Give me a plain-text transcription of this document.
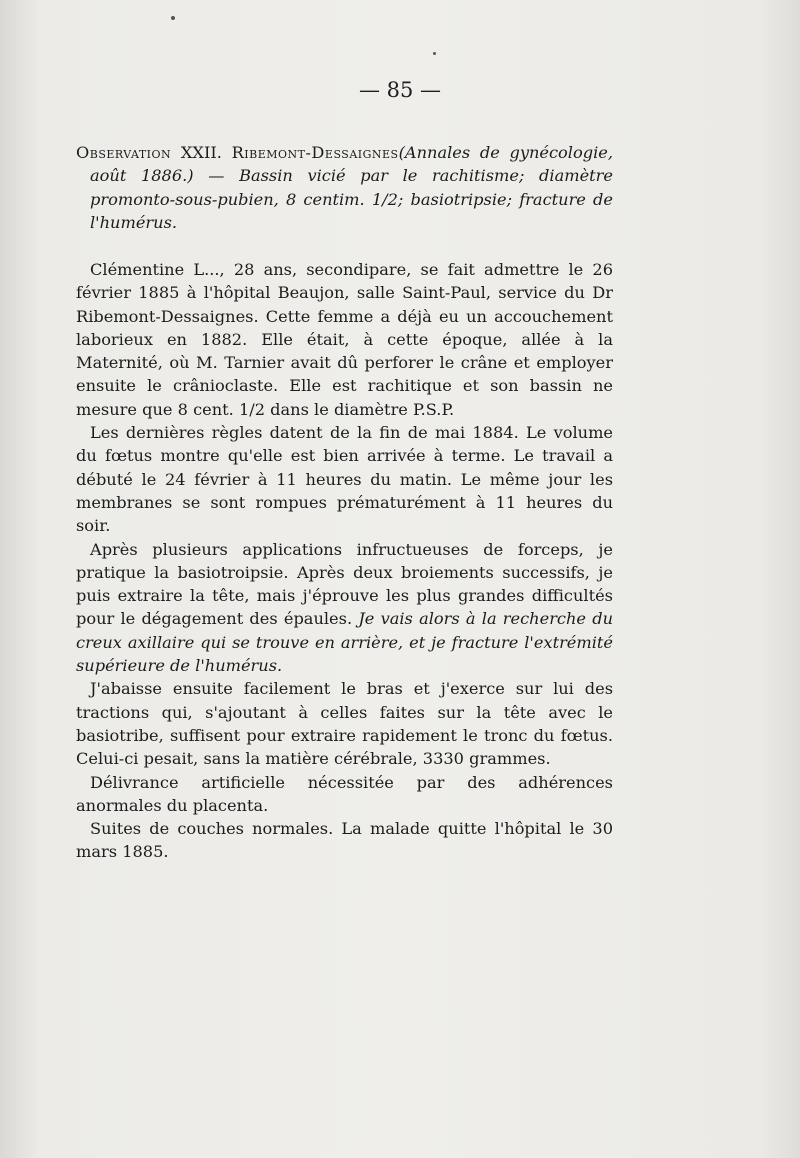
— 85 —

Observation XXII. Ribemont-Dessaignes(Annales de gynécologie, août 1886.) — Bassin vicié par le rachitisme; diamètre promonto-sous-pubien, 8 centim. 1/2; basiotripsie; fracture de l'humérus.

Clémentine L..., 28 ans, secondipare, se fait admettre le 26 février 1885 à l'hôpital Beaujon, salle Saint-Paul, service du Dr Ribemont-Dessaignes. Cette femme a déjà eu un accouchement laborieux en 1882. Elle était, à cette époque, allée à la Maternité, où M. Tarnier avait dû perforer le crâne et employer ensuite le crânioclaste. Elle est rachitique et son bassin ne mesure que 8 cent. 1/2 dans le diamètre P.S.P.

Les dernières règles datent de la fin de mai 1884. Le volume du fœtus montre qu'elle est bien arrivée à terme. Le travail a débuté le 24 février à 11 heures du matin. Le même jour les membranes se sont rompues prématurément à 11 heures du soir.

Après plusieurs applications infructueuses de forceps, je pratique la basiotroipsie. Après deux broiements successifs, je puis extraire la tête, mais j'éprouve les plus grandes difficultés pour le dégagement des épaules. Je vais alors à la recherche du creux axillaire qui se trouve en arrière, et je fracture l'extrémité supérieure de l'humérus.

J'abaisse ensuite facilement le bras et j'exerce sur lui des tractions qui, s'ajoutant à celles faites sur la tête avec le basiotribe, suffisent pour extraire rapidement le tronc du fœtus. Celui-ci pesait, sans la matière cérébrale, 3330 grammes.

Délivrance artificielle nécessitée par des adhérences anormales du placenta.

Suites de couches normales. La malade quitte l'hôpital le 30 mars 1885.
